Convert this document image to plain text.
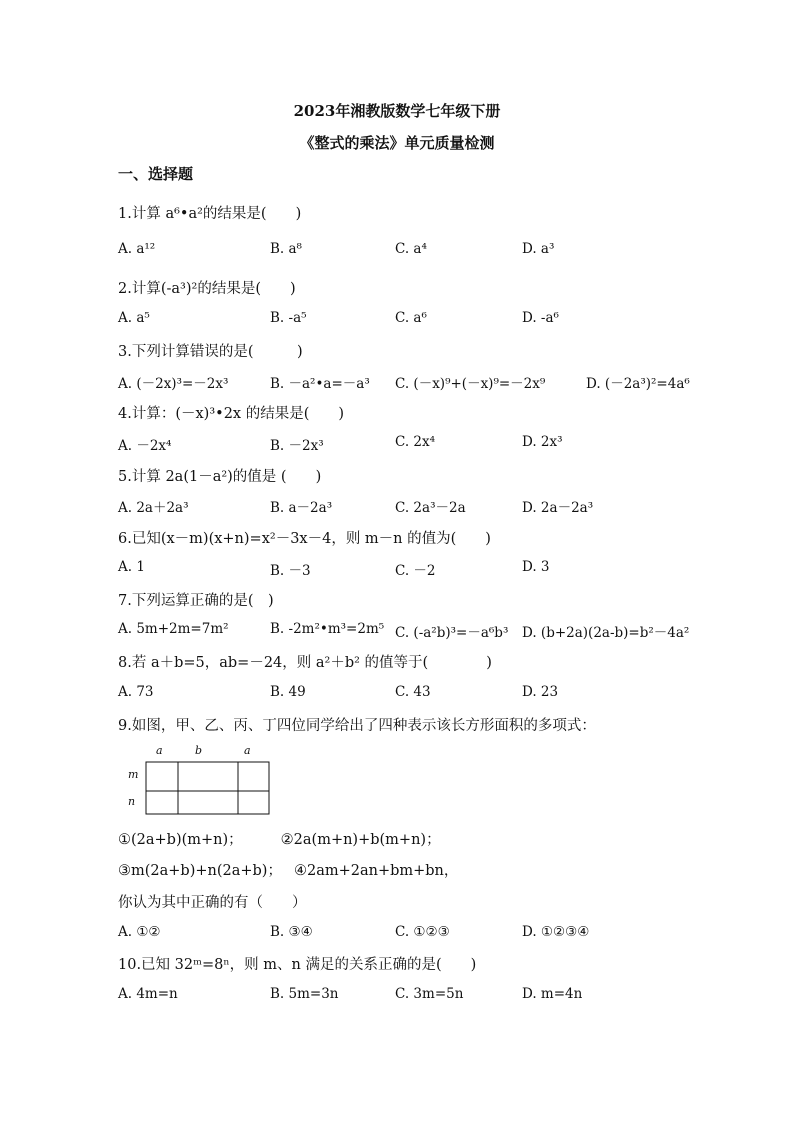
2023年湘教版数学七年级下册
《整式的乘法》单元质量检测
一、选择题
1.计算 a⁶•a²的结果是(　　)
A. a¹²	B. a⁸	C. a⁴	D. a³
2.计算(-a³)²的结果是(　　)
A. a⁵	B. -a⁵	C. a⁶	D. -a⁶
3.下列计算错误的是(　　　)
A. (－2x)³=－2x³	B. －a²•a=－a³ C. (－x)⁹+(－x)⁹=－2x⁹	D. (－2a³)²=4a⁶
4.计算：(－x)³•2x 的结果是(　　)
A. －2x⁴	B. －2x³	C. 2x⁴	D. 2x³
5.计算 2a(1－a²)的值是 (　　)
A. 2a＋2a³	B. a－2a³	C. 2a³－2a	D. 2a－2a³
6.已知(x－m)(x+n)=x²－3x－4，则 m－n 的值为(　　)
A. 1	B. －3	C. －2	D. 3
7.下列运算正确的是(　)
A. 5m+2m=7m²	B. -2m²•m³=2m⁵ C. (-a²b)³=－a⁶b³ D. (b+2a)(2a-b)=b²－4a²
8.若 a＋b=5，ab=－24，则 a²＋b² 的值等于(　　　　)
A. 73	B. 49	C. 43	D. 23
9.如图，甲、乙、丙、丁四位同学给出了四种表示该长方形面积的多项式：
a	b	a
m
n
①(2a+b)(m+n)；	②2a(m+n)+b(m+n)；
③m(2a+b)+n(2a+b)； ④2am+2an+bm+bn，
你认为其中正确的有（　　）
A. ①②	B. ③④	C. ①②③	D. ①②③④
10.已知 32ᵐ=8ⁿ，则 m、n 满足的关系正确的是(　　)
A. 4m=n	B. 5m=3n	C. 3m=5n	D. m=4n
